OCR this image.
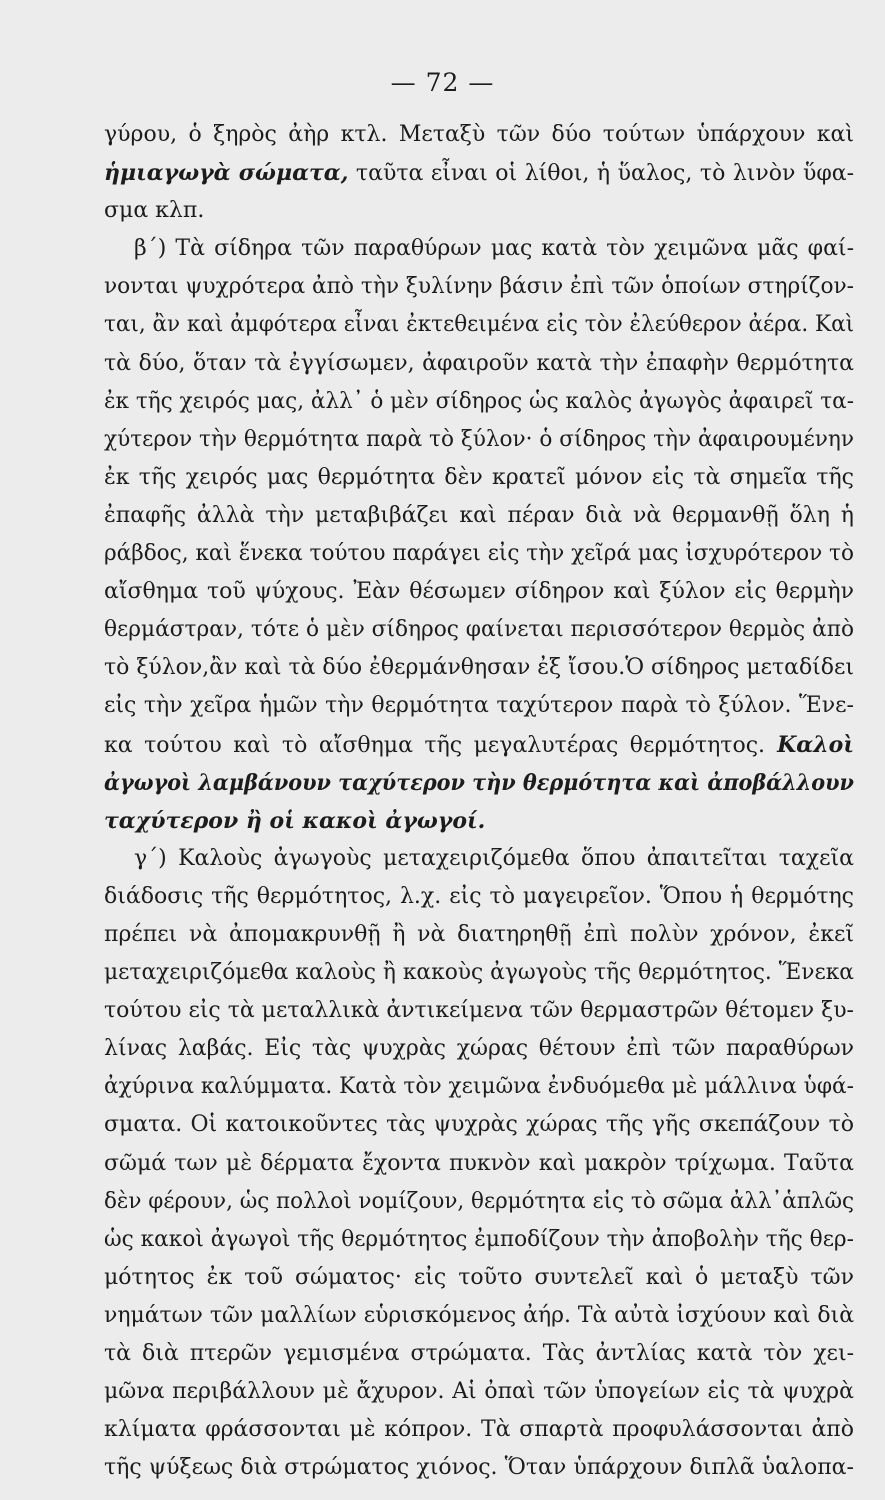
— 72 —
γύρου, ὁ ξηρὸς ἀὴρ κτλ. Μεταξὺ τῶν δύο τούτων ὑπάρχουν καὶ
ἡμιαγωγὰ σώματα, ταῦτα εἶναι οἱ λίθοι, ἡ ὕαλος, τὸ λινὸν ὕφα-
σμα κλπ.
β΄) Τὰ σίδηρα τῶν παραθύρων μας κατὰ τὸν χειμῶνα μᾶς φαί-
νονται ψυχρότερα ἀπὸ τὴν ξυλίνην βάσιν ἐπὶ τῶν ὁποίων στηρίζον-
ται, ἂν καὶ ἀμφότερα εἶναι ἐκτεθειμένα εἰς τὸν ἐλεύθερον ἀέρα. Καὶ
τὰ δύο, ὅταν τὰ ἐγγίσωμεν, ἀφαιροῦν κατὰ τὴν ἐπαφὴν θερμότητα
ἐκ τῆς χειρός μας, ἀλλ᾽ ὁ μὲν σίδηρος ὡς καλὸς ἀγωγὸς ἀφαιρεῖ τα-
χύτερον τὴν θερμότητα παρὰ τὸ ξύλον· ὁ σίδηρος τὴν ἀφαιρουμένην
ἐκ τῆς χειρός μας θερμότητα δὲν κρατεῖ μόνον εἰς τὰ σημεῖα τῆς
ἐπαφῆς ἀλλὰ τὴν μεταβιβάζει καὶ πέραν διὰ νὰ θερμανθῇ ὅλη ἡ
ράβδος, καὶ ἕνεκα τούτου παράγει εἰς τὴν χεῖρά μας ἰσχυρότερον τὸ
αἴσθημα τοῦ ψύχους. Ἐὰν θέσωμεν σίδηρον καὶ ξύλον εἰς θερμὴν
θερμάστραν, τότε ὁ μὲν σίδηρος φαίνεται περισσότερον θερμὸς ἀπὸ
τὸ ξύλον,ἂν καὶ τὰ δύο ἐθερμάνθησαν ἐξ ἴσου.Ὁ σίδηρος μεταδίδει
εἰς τὴν χεῖρα ἡμῶν τὴν θερμότητα ταχύτερον παρὰ τὸ ξύλον. Ἕνε-
κα τούτου καὶ τὸ αἴσθημα τῆς μεγαλυτέρας θερμότητος. Καλοὶ
ἀγωγοὶ λαμβάνουν ταχύτερον τὴν θερμότητα καὶ ἀποβάλλουν
ταχύτερον ἢ οἱ κακοὶ ἀγωγοί.
γ΄) Καλοὺς ἀγωγοὺς μεταχειριζόμεθα ὅπου ἀπαιτεῖται ταχεῖα
διάδοσις τῆς θερμότητος, λ.χ. εἰς τὸ μαγειρεῖον. Ὅπου ἡ θερμότης
πρέπει νὰ ἀπομακρυνθῇ ἢ νὰ διατηρηθῇ ἐπὶ πολὺν χρόνον, ἐκεῖ
μεταχειριζόμεθα καλοὺς ἢ κακοὺς ἀγωγοὺς τῆς θερμότητος. Ἕνεκα
τούτου εἰς τὰ μεταλλικὰ ἀντικείμενα τῶν θερμαστρῶν θέτομεν ξυ-
λίνας λαβάς. Εἰς τὰς ψυχρὰς χώρας θέτουν ἐπὶ τῶν παραθύρων
ἀχύρινα καλύμματα. Κατὰ τὸν χειμῶνα ἐνδυόμεθα μὲ μάλλινα ὑφά-
σματα. Οἱ κατοικοῦντες τὰς ψυχρὰς χώρας τῆς γῆς σκεπάζουν τὸ
σῶμά των μὲ δέρματα ἔχοντα πυκνὸν καὶ μακρὸν τρίχωμα. Ταῦτα
δὲν φέρουν, ὡς πολλοὶ νομίζουν, θερμότητα εἰς τὸ σῶμα ἀλλ᾽ἁπλῶς
ὡς κακοὶ ἀγωγοὶ τῆς θερμότητος ἐμποδίζουν τὴν ἀποβολὴν τῆς θερ-
μότητος ἐκ τοῦ σώματος· εἰς τοῦτο συντελεῖ καὶ ὁ μεταξὺ τῶν
νημάτων τῶν μαλλίων εὑρισκόμενος ἀήρ. Τὰ αὐτὰ ἰσχύουν καὶ διὰ
τὰ διὰ πτερῶν γεμισμένα στρώματα. Τὰς ἀντλίας κατὰ τὸν χει-
μῶνα περιβάλλουν μὲ ἄχυρον. Αἱ ὀπαὶ τῶν ὑπογείων εἰς τὰ ψυχρὰ
κλίματα φράσσονται μὲ κόπρον. Τὰ σπαρτὰ προφυλάσσονται ἀπὸ
τῆς ψύξεως διὰ στρώματος χιόνος. Ὅταν ὑπάρχουν διπλᾶ ὑαλοπα-
